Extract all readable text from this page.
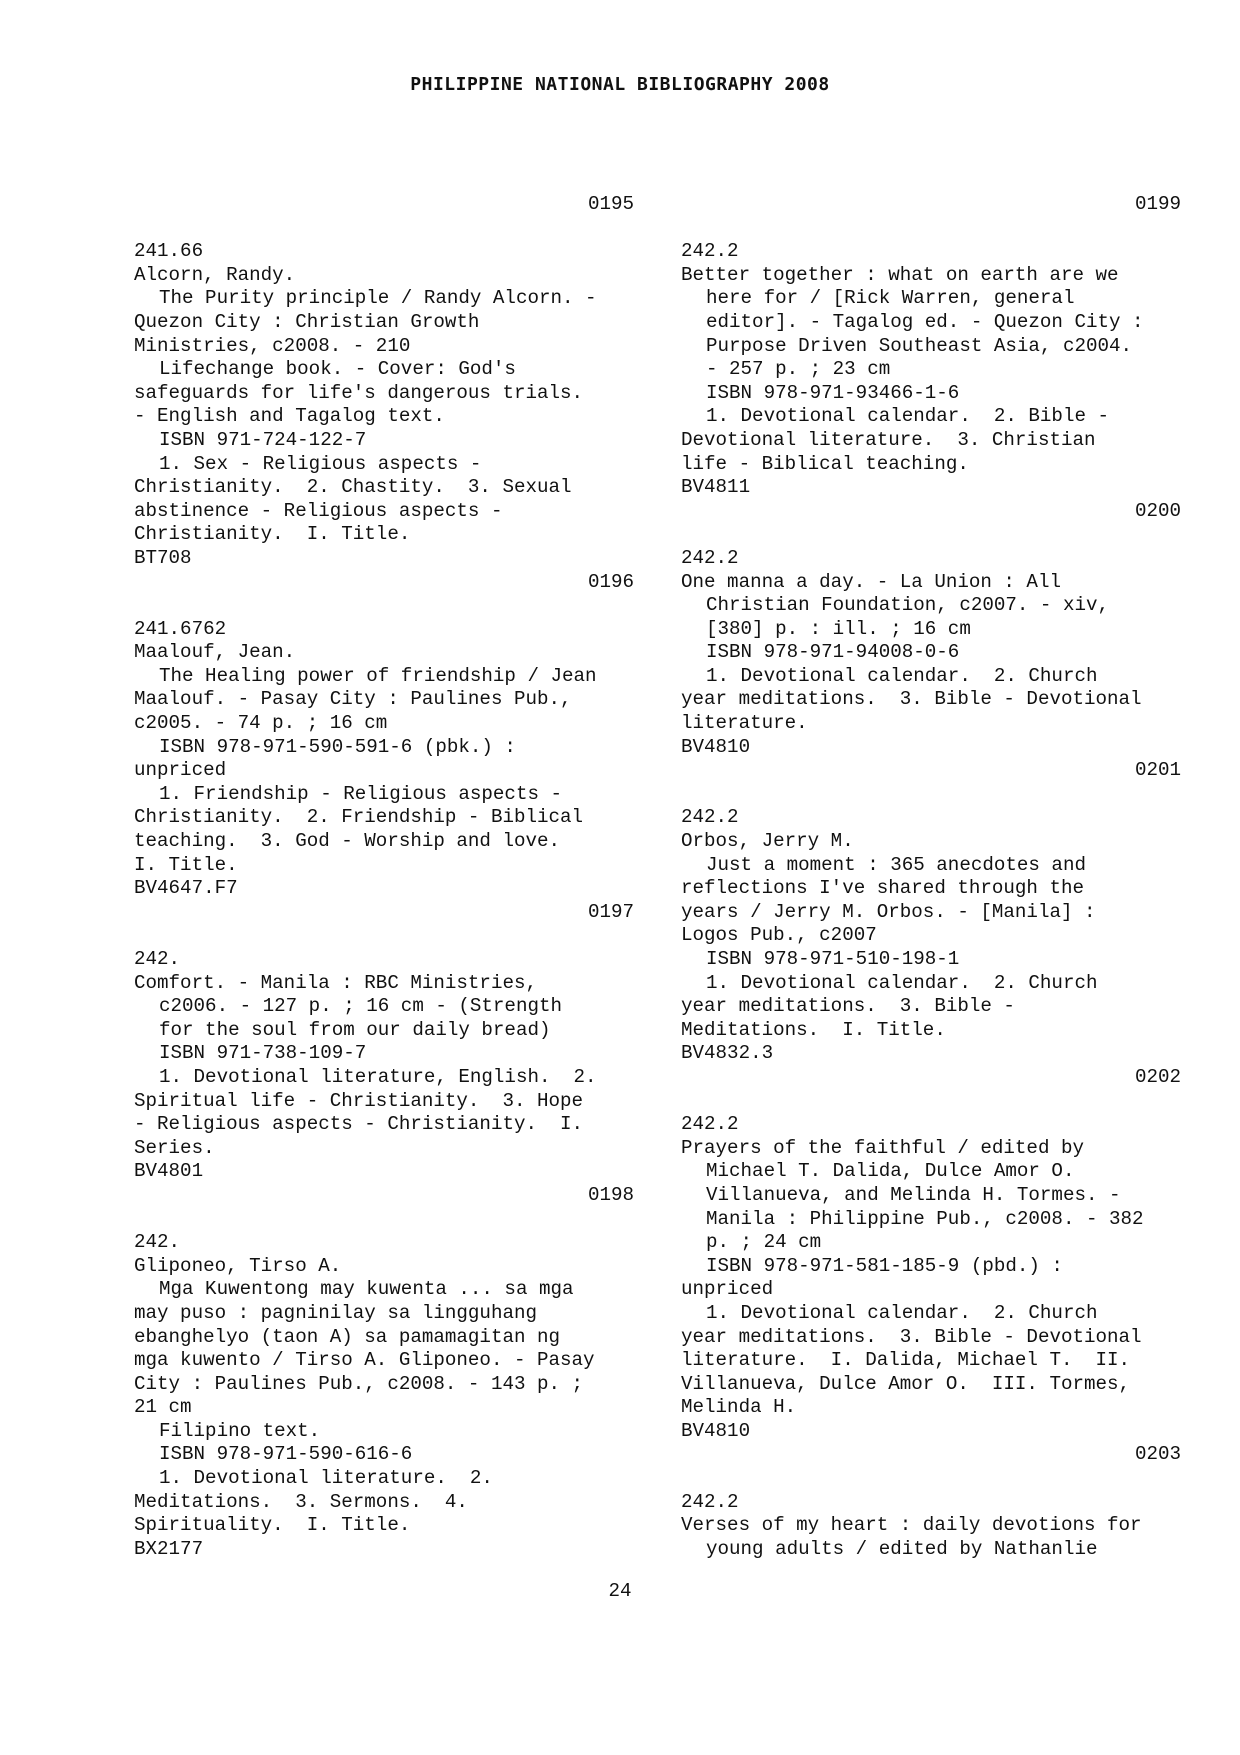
PHILIPPINE NATIONAL BIBLIOGRAPHY 2008
0195
241.66
Alcorn, Randy.
The Purity principle / Randy Alcorn. -
Quezon City : Christian Growth
Ministries, c2008. - 210
Lifechange book. - Cover: God's
safeguards for life's dangerous trials.
- English and Tagalog text.
ISBN 971-724-122-7
1. Sex - Religious aspects -
Christianity.  2. Chastity.  3. Sexual
abstinence - Religious aspects -
Christianity.  I. Title.
BT708
0196
241.6762
Maalouf, Jean.
The Healing power of friendship / Jean
Maalouf. - Pasay City : Paulines Pub.,
c2005. - 74 p. ; 16 cm
ISBN 978-971-590-591-6 (pbk.) :
unpriced
1. Friendship - Religious aspects -
Christianity.  2. Friendship - Biblical
teaching.  3. God - Worship and love.
I. Title.
BV4647.F7
0197
242.
Comfort. - Manila : RBC Ministries,
c2006. - 127 p. ; 16 cm - (Strength
for the soul from our daily bread)
ISBN 971-738-109-7
1. Devotional literature, English.  2.
Spiritual life - Christianity.  3. Hope
- Religious aspects - Christianity.  I.
Series.
BV4801
0198
242.
Gliponeo, Tirso A.
Mga Kuwentong may kuwenta ... sa mga
may puso : pagninilay sa lingguhang
ebanghelyo (taon A) sa pamamagitan ng
mga kuwento / Tirso A. Gliponeo. - Pasay
City : Paulines Pub., c2008. - 143 p. ;
21 cm
Filipino text.
ISBN 978-971-590-616-6
1. Devotional literature.  2.
Meditations.  3. Sermons.  4.
Spirituality.  I. Title.
BX2177
0199
242.2
Better together : what on earth are we
here for / [Rick Warren, general
editor]. - Tagalog ed. - Quezon City :
Purpose Driven Southeast Asia, c2004.
- 257 p. ; 23 cm
ISBN 978-971-93466-1-6
1. Devotional calendar.  2. Bible -
Devotional literature.  3. Christian
life - Biblical teaching.
BV4811
0200
242.2
One manna a day. - La Union : All
Christian Foundation, c2007. - xiv,
[380] p. : ill. ; 16 cm
ISBN 978-971-94008-0-6
1. Devotional calendar.  2. Church
year meditations.  3. Bible - Devotional
literature.
BV4810
0201
242.2
Orbos, Jerry M.
Just a moment : 365 anecdotes and
reflections I've shared through the
years / Jerry M. Orbos. - [Manila] :
Logos Pub., c2007
ISBN 978-971-510-198-1
1. Devotional calendar.  2. Church
year meditations.  3. Bible -
Meditations.  I. Title.
BV4832.3
0202
242.2
Prayers of the faithful / edited by
Michael T. Dalida, Dulce Amor O.
Villanueva, and Melinda H. Tormes. -
Manila : Philippine Pub., c2008. - 382
p. ; 24 cm
ISBN 978-971-581-185-9 (pbd.) :
unpriced
1. Devotional calendar.  2. Church
year meditations.  3. Bible - Devotional
literature.  I. Dalida, Michael T.  II.
Villanueva, Dulce Amor O.  III. Tormes,
Melinda H.
BV4810
0203
242.2
Verses of my heart : daily devotions for
young adults / edited by Nathanlie
24
